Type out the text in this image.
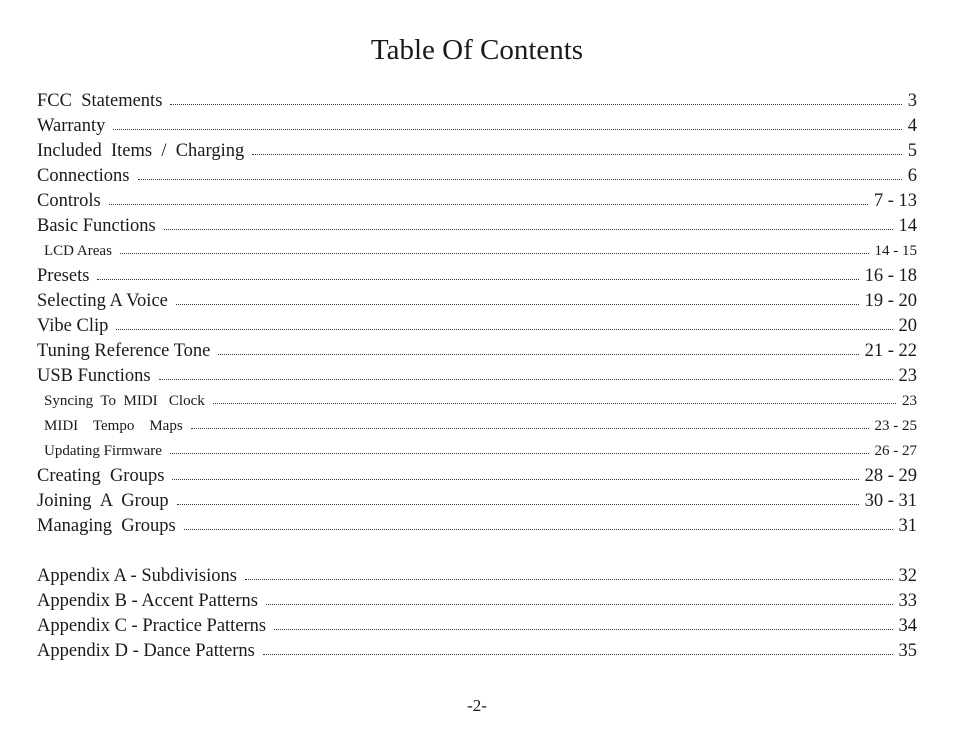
Table Of Contents
FCC  Statements	3
Warranty	4
Included  Items  /  Charging	5
Connections	6
Controls	7 - 13
Basic Functions	14
LCD Areas	14 - 15
Presets	16 - 18
Selecting A Voice	19 - 20
Vibe Clip	20
Tuning Reference Tone	21 - 22
USB Functions	23
Syncing  To  MIDI   Clock	23
MIDI    Tempo    Maps	23 - 25
Updating Firmware	26 - 27
Creating  Groups	28 - 29
Joining  A  Group	30 - 31
Managing  Groups	31
Appendix A - Subdivisions	32
Appendix B - Accent Patterns	33
Appendix C - Practice Patterns	34
Appendix D - Dance Patterns	35
-2-
